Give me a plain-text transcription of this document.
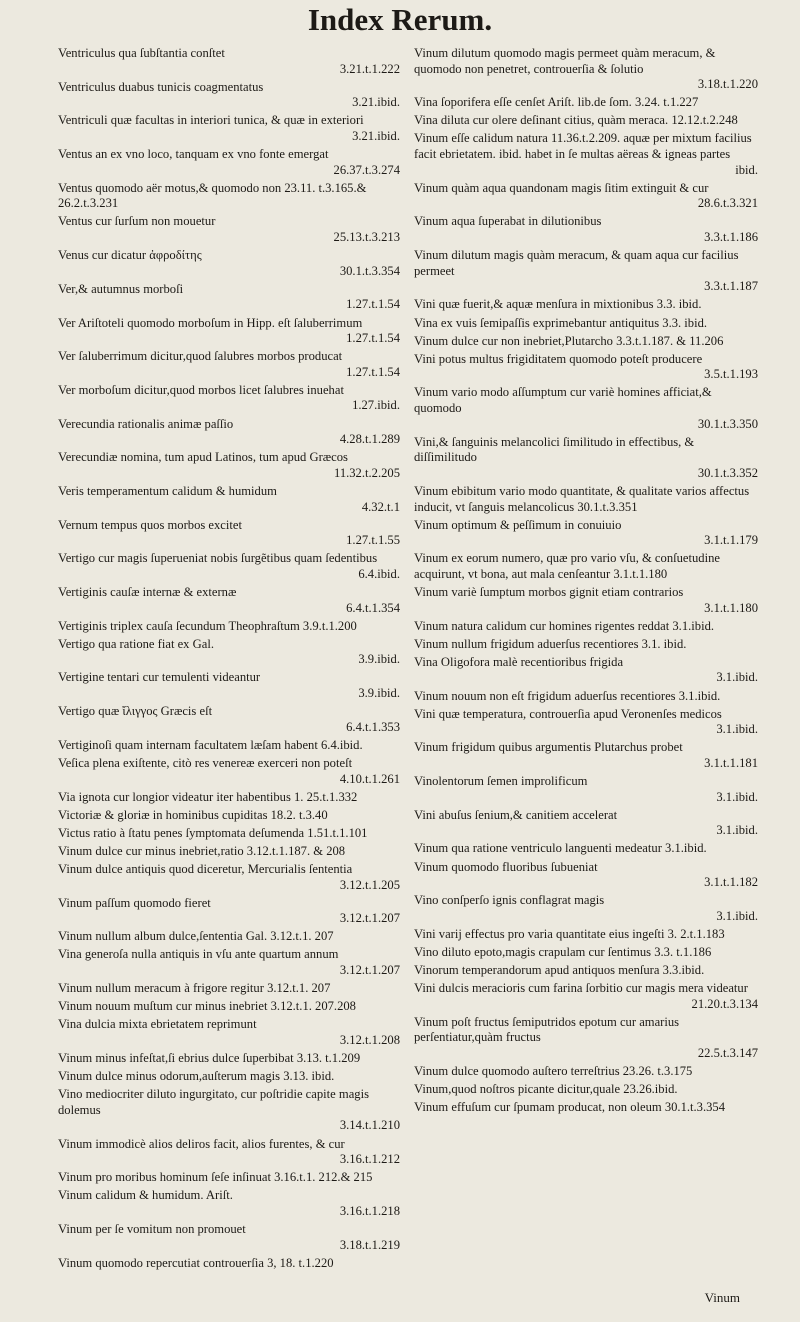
Index Rerum.
Ventriculus qua ſubſtantia conſtet
3.21.t.1.222
Ventriculus duabus tunicis coagmentatus
3.21.ibid.
Ventriculi quæ facultas in interiori tunica, & quæ in exteriori
3.21.ibid.
Ventus an ex vno loco, tanquam ex vno fonte emergat
26.37.t.3.274
Ventus quomodo aër motus,& quomodo non 23.11. t.3.165.& 26.2.t.3.231
Ventus cur ſurſum non mouetur
25.13.t.3.213
Venus cur dicatur ἀφροδίτης
30.1.t.3.354
Ver,& autumnus morboſi
1.27.t.1.54
Ver Ariſtoteli quomodo morboſum in Hipp. eſt ſaluberrimum
1.27.t.1.54
Ver ſaluberrimum dicitur,quod ſalubres morbos producat
1.27.t.1.54
Ver morboſum dicitur,quod morbos licet ſalubres inuehat
1.27.ibid.
Verecundia rationalis animæ paſſio
4.28.t.1.289
Verecundiæ nomina, tum apud Latinos, tum apud Græcos
11.32.t.2.205
Veris temperamentum calidum & humidum
4.32.t.1
Vernum tempus quos morbos excitet
1.27.t.1.55
Vertigo cur magis ſuperueniat nobis ſurgẽtibus quam ſedentibus
6.4.ibid.
Vertiginis cauſæ internæ & externæ
6.4.t.1.354
Vertiginis triplex cauſa ſecundum Theophraſtum 3.9.t.1.200
Vertigo qua ratione fiat ex Gal.
3.9.ibid.
Vertigine tentari cur temulenti videantur
3.9.ibid.
Vertigo quæ ἴλιγγος Græcis eſt
6.4.t.1.353
Vertiginoſi quam internam facultatem læſam habent 6.4.ibid.
Veſica plena exiſtente, citò res venereæ exerceri non poteſt
4.10.t.1.261
Via ignota cur longior videatur iter habentibus 1. 25.t.1.332
Victoriæ & gloriæ in hominibus cupiditas 18.2. t.3.40
Victus ratio à ſtatu penes ſymptomata deſumenda 1.51.t.1.101
Vinum dulce cur minus inebriet,ratio 3.12.t.1.187. & 208
Vinum dulce antiquis quod diceretur, Mercurialis ſententia
3.12.t.1.205
Vinum paſſum quomodo fieret
3.12.t.1.207
Vinum nullum album dulce,ſententia Gal. 3.12.t.1. 207
Vina generoſa nulla antiquis in vſu ante quartum annum
3.12.t.1.207
Vinum nullum meracum à frigore regitur 3.12.t.1. 207
Vinum nouum muſtum cur minus inebriet 3.12.t.1. 207.208
Vina dulcia mixta ebrietatem reprimunt
3.12.t.1.208
Vinum minus infeſtat,ſi ebrius dulce ſuperbibat 3.13. t.1.209
Vinum dulce minus odorum,auſterum magis 3.13. ibid.
Vino mediocriter diluto ingurgitato, cur poſtridie capite magis dolemus
3.14.t.1.210
Vinum immodicè alios deliros facit, alios furentes, & cur
3.16.t.1.212
Vinum pro moribus hominum ſeſe inſinuat 3.16.t.1. 212.& 215
Vinum calidum & humidum. Ariſt.
3.16.t.1.218
Vinum per ſe vomitum non promouet
3.18.t.1.219
Vinum quomodo repercutiat controuerſia 3, 18. t.1.220
Vinum dilutum quomodo magis permeet quàm meracum, & quomodo non penetret, controuerſia & ſolutio
3.18.t.1.220
Vina ſoporifera eſſe cenſet Ariſt. lib.de ſom. 3.24. t.1.227
Vina diluta cur olere deſinant citius, quàm meraca. 12.12.t.2.248
Vinum eſſe calidum natura 11.36.t.2.209. aquæ per mixtum facilius facit ebrietatem. ibid. habet in ſe multas aëreas & igneas partes
ibid.
Vinum quàm aqua quandonam magis ſitim extinguit & cur
28.6.t.3.321
Vinum aqua ſuperabat in dilutionibus
3.3.t.1.186
Vinum dilutum magis quàm meracum, & quam aqua cur facilius permeet
3.3.t.1.187
Vini quæ fuerit,& aquæ menſura in mixtionibus 3.3. ibid.
Vina ex vuis ſemipaſſis exprimebantur antiquitus 3.3. ibid.
Vinum dulce cur non inebriet,Plutarcho 3.3.t.1.187. & 11.206
Vini potus multus frigiditatem quomodo poteſt producere
3.5.t.1.193
Vinum vario modo aſſumptum cur variè homines afficiat,& quomodo
30.1.t.3.350
Vini,& ſanguinis melancolici ſimilitudo in effectibus, & diſſimilitudo
30.1.t.3.352
Vinum ebibitum vario modo quantitate, & qualitate varios affectus inducit, vt ſanguis melancolicus 30.1.t.3.351
Vinum optimum & peſſimum in conuiuio
3.1.t.1.179
Vinum ex eorum numero, quæ pro vario vſu, & conſuetudine acquirunt, vt bona, aut mala cenſeantur 3.1.t.1.180
Vinum variè ſumptum morbos gignit etiam contrarios
3.1.t.1.180
Vinum natura calidum cur homines rigentes reddat 3.1.ibid.
Vinum nullum frigidum aduerſus recentiores 3.1. ibid.
Vina Oligofora malè recentioribus frigida
3.1.ibid.
Vinum nouum non eſt frigidum aduerſus recentiores 3.1.ibid.
Vini quæ temperatura, controuerſia apud Veronenſes medicos
3.1.ibid.
Vinum frigidum quibus argumentis Plutarchus probet
3.1.t.1.181
Vinolentorum ſemen improlificum
3.1.ibid.
Vini abuſus ſenium,& canitiem accelerat
3.1.ibid.
Vinum qua ratione ventriculo languenti medeatur 3.1.ibid.
Vinum quomodo fluoribus ſubueniat
3.1.t.1.182
Vino conſperſo ignis conflagrat magis
3.1.ibid.
Vini varij effectus pro varia quantitate eius ingeſti 3. 2.t.1.183
Vino diluto epoto,magis crapulam cur ſentimus 3.3. t.1.186
Vinorum temperandorum apud antiquos menſura 3.3.ibid.
Vini dulcis meracioris cum farina ſorbitio cur magis mera videatur
21.20.t.3.134
Vinum poſt fructus ſemiputridos epotum cur amarius perſentiatur,quàm fructus
22.5.t.3.147
Vinum dulce quomodo auſtero terreſtrius 23.26. t.3.175
Vinum,quod noſtros picante dicitur,quale 23.26.ibid.
Vinum effuſum cur ſpumam producat, non oleum 30.1.t.3.354
Vinum
